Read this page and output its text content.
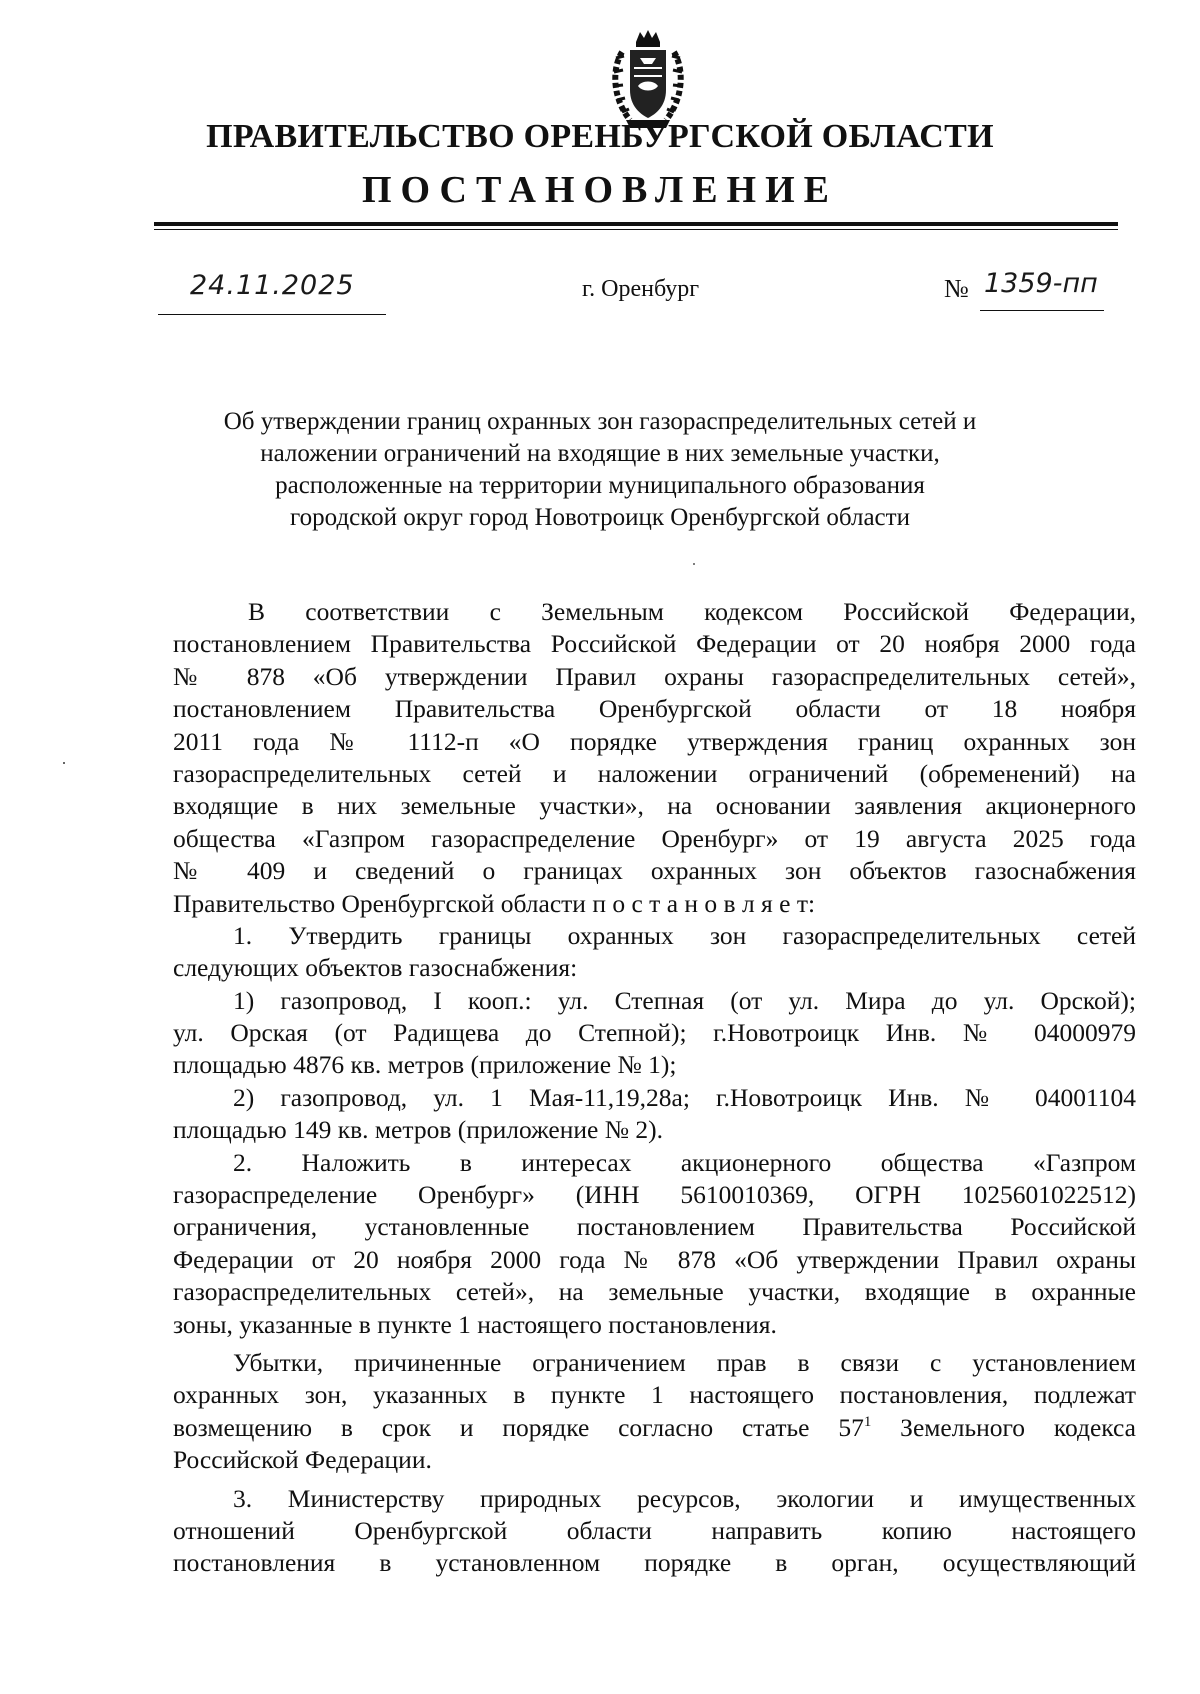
ПРАВИТЕЛЬСТВО ОРЕНБУРГСКОЙ ОБЛАСТИ
ПОСТАНОВЛЕНИЕ
24.11.2025	г. Оренбург	№ 1359-пп
Об утверждении границ охранных зон газораспределительных сетей и
наложении ограничений на входящие в них земельные участки,
расположенные на территории муниципального образования
городской округ город Новотроицк Оренбургской области
В соответствии с Земельным кодексом Российской Федерации,
постановлением Правительства Российской Федерации от 20 ноября 2000 года
№ 878 «Об утверждении Правил охраны газораспределительных сетей»,
постановлением Правительства Оренбургской области от 18 ноября
2011 года № 1112-п «О порядке утверждения границ охранных зон
газораспределительных сетей и наложении ограничений (обременений) на
входящие в них земельные участки», на основании заявления акционерного
общества «Газпром газораспределение Оренбург» от 19 августа 2025 года
№ 409 и сведений о границах охранных зон объектов газоснабжения
Правительство Оренбургской области п о с т а н о в л я е т:
1. Утвердить границы охранных зон газораспределительных сетей
следующих объектов газоснабжения:
1) газопровод, I кооп.: ул. Степная (от ул. Мира до ул. Орской);
ул. Орская (от Радищева до Степной); г.Новотроицк Инв. № 04000979
площадью 4876 кв. метров (приложение № 1);
2) газопровод, ул. 1 Мая-11,19,28а; г.Новотроицк Инв. № 04001104
площадью 149 кв. метров (приложение № 2).
2. Наложить в интересах акционерного общества «Газпром
газораспределение Оренбург» (ИНН 5610010369, ОГРН 1025601022512)
ограничения, установленные постановлением Правительства Российской
Федерации от 20 ноября 2000 года № 878 «Об утверждении Правил охраны
газораспределительных сетей», на земельные участки, входящие в охранные
зоны, указанные в пункте 1 настоящего постановления.
Убытки, причиненные ограничением прав в связи с установлением
охранных зон, указанных в пункте 1 настоящего постановления, подлежат
возмещению в срок и порядке согласно статье $57^1$ Земельного кодекса
Российской Федерации.
3. Министерству природных ресурсов, экологии и имущественных
отношений Оренбургской области направить копию настоящего
постановления в установленном порядке в орган, осуществляющий
